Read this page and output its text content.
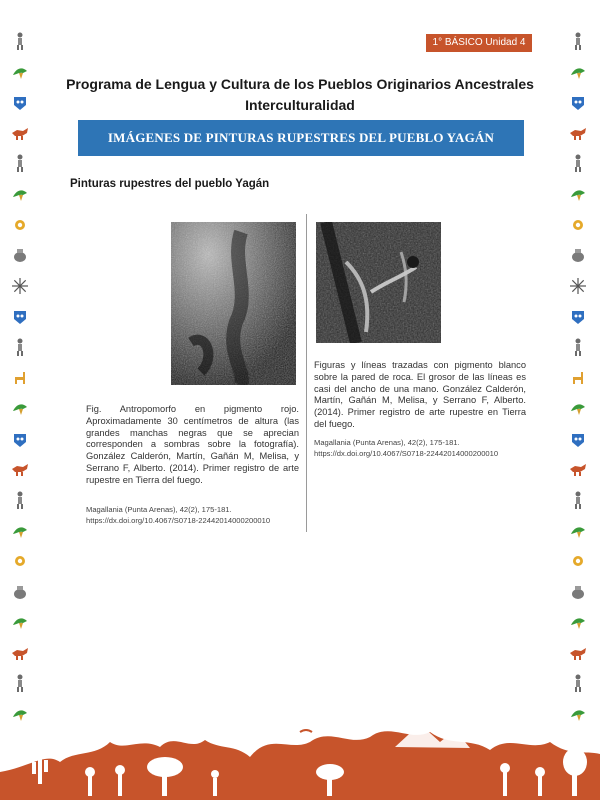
1° BÁSICO Unidad 4
Programa de Lengua y Cultura de los Pueblos Originarios Ancestrales
Interculturalidad
IMÁGENES DE PINTURAS RUPESTRES DEL PUEBLO YAGÁN
Pinturas rupestres del pueblo Yagán
Fig. Antropomorfo en pigmento rojo. Aproximadamente 30 centímetros de altura (las grandes manchas negras que se aprecian corresponden a sombras sobre la fotografía). González Calderón, Martín, Gañán M, Melisa, y Serrano F, Alberto. (2014). Primer registro de arte rupestre en Tierra del fuego.
Magallania (Punta Arenas), 42(2), 175-181. https://dx.doi.org/10.4067/S0718-22442014000200010
Figuras y líneas trazadas con pigmento blanco sobre la pared de roca. El grosor de las líneas es casi del ancho de una mano. González Calderón, Martín, Gañán M, Melisa, y Serrano F, Alberto. (2014). Primer registro de arte rupestre en Tierra del fuego.
Magallania (Punta Arenas), 42(2), 175-181. https://dx.doi.org/10.4067/S0718-22442014000200010
